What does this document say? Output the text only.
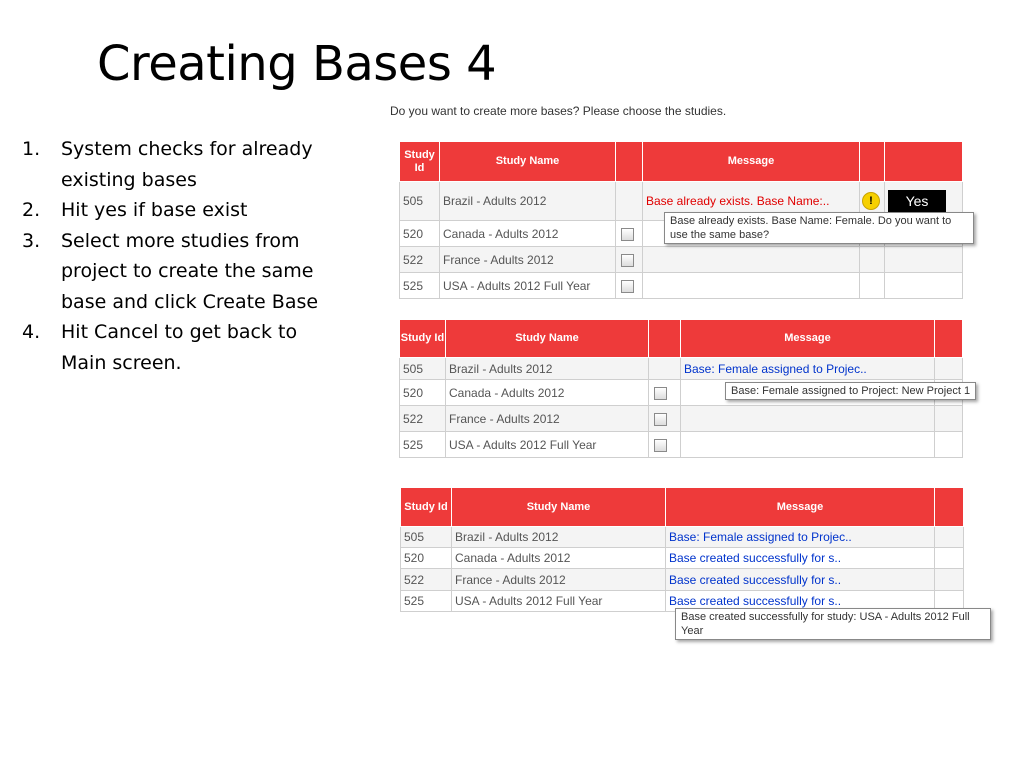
Creating Bases 4
1. System checks for already existing bases
2. Hit yes if base exist
3. Select more studies from project to create the same base and click Create Base
4. Hit Cancel to get back to Main screen.
Do you want to create more bases? Please choose the studies.
Study Id	Study Name		Message		
505	Brazil - Adults 2012		Base already exists. Base Name:..	!	Yes
520	Canada - Adults 2012				
522	France - Adults 2012				
525	USA - Adults 2012 Full Year				
Base already exists. Base Name: Female. Do you want to use the same base?
Study Id	Study Name		Message	
505	Brazil - Adults 2012		Base: Female assigned to Projec..	
520	Canada - Adults 2012			
522	France - Adults 2012			
525	USA - Adults 2012 Full Year			
Base: Female assigned to Project: New Project 1
Study Id	Study Name	Message	
505	Brazil - Adults 2012	Base: Female assigned to Projec..	
520	Canada - Adults 2012	Base created successfully for s..	
522	France - Adults 2012	Base created successfully for s..	
525	USA - Adults 2012 Full Year	Base created successfully for s..	
Base created successfully for study: USA - Adults 2012 Full Year
